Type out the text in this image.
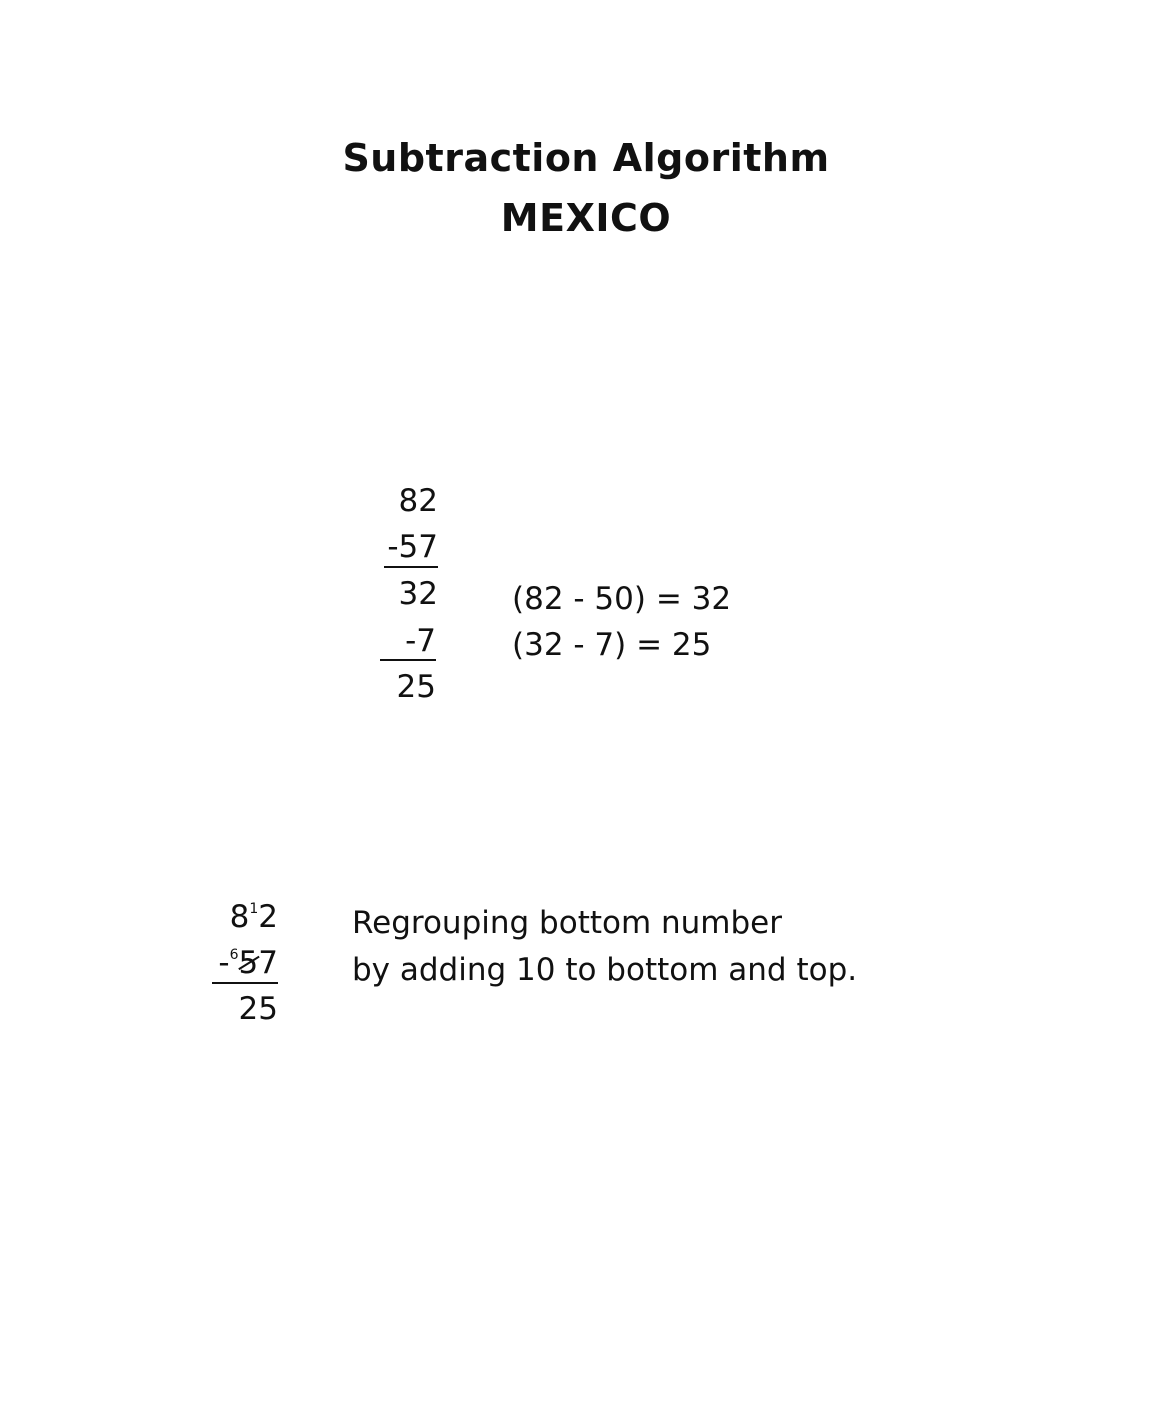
Subtraction Algorithm
MEXICO
82
-57
32
-7
25
(82 - 50) = 32
(32 - 7) = 25
$8^12$
-$^6$57
25
Regrouping bottom number
by adding 10 to bottom and top.
